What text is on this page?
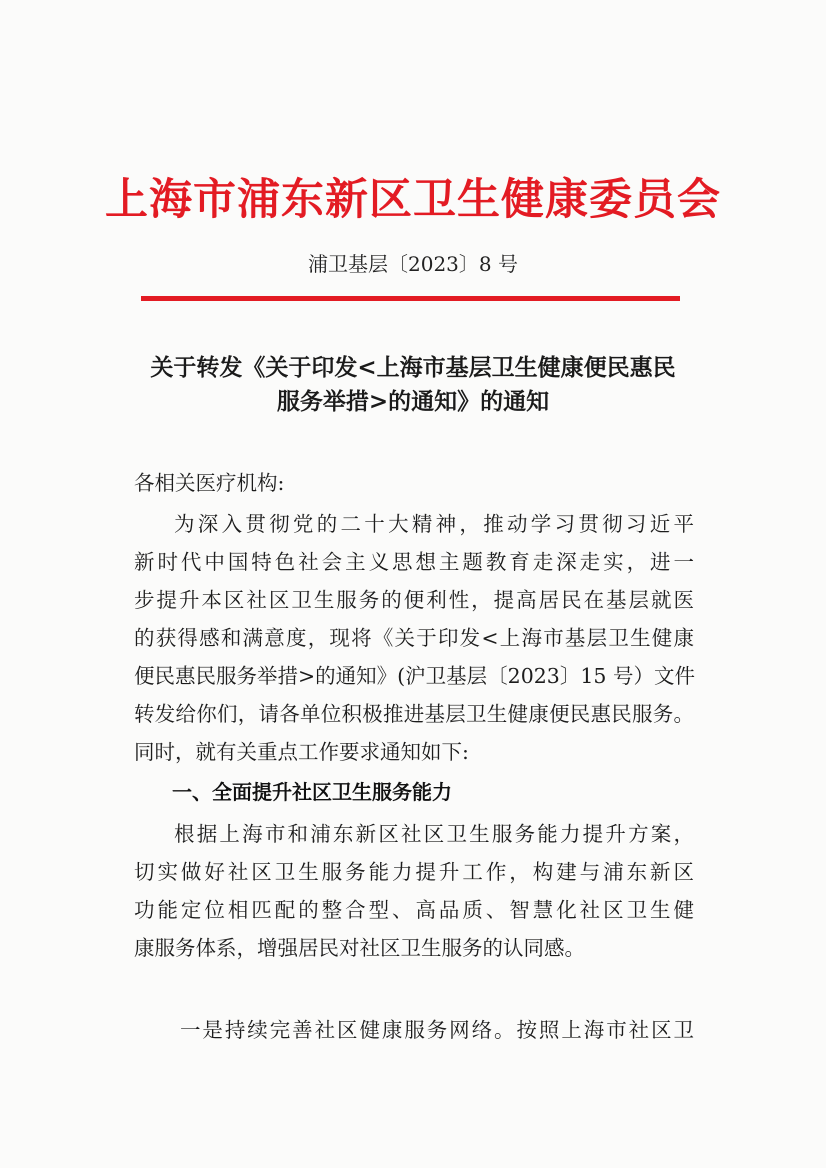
上海市浦东新区卫生健康委员会
浦卫基层〔2023〕8 号
关于转发《关于印发<上海市基层卫生健康便民惠民
服务举措>的通知》的通知
各相关医疗机构:
为深入贯彻党的二十大精神，推动学习贯彻习近平
新时代中国特色社会主义思想主题教育走深走实，进一
步提升本区社区卫生服务的便利性，提高居民在基层就医
的获得感和满意度，现将《关于印发<上海市基层卫生健康
便民惠民服务举措>的通知》(沪卫基层〔2023〕15 号）文件
转发给你们，请各单位积极推进基层卫生健康便民惠民服务。
同时，就有关重点工作要求通知如下:
一、全面提升社区卫生服务能力
根据上海市和浦东新区社区卫生服务能力提升方案，
切实做好社区卫生服务能力提升工作，构建与浦东新区
功能定位相匹配的整合型、高品质、智慧化社区卫生健
康服务体系，增强居民对社区卫生服务的认同感。
一是持续完善社区健康服务网络。按照上海市社区卫
